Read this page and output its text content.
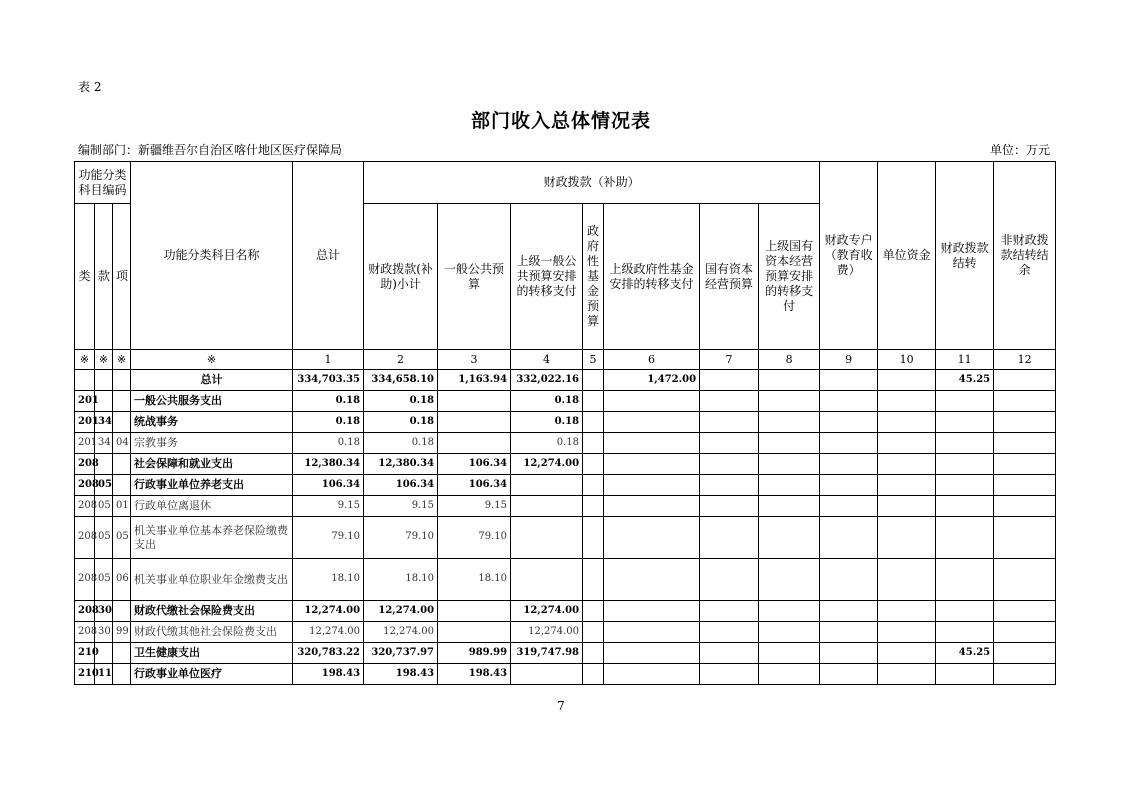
表 2
部门收入总体情况表
编制部门：新疆维吾尔自治区喀什地区医疗保障局	单位：万元
功能分类科目编码			功能分类科目名称	总计	财政拨款（补助）							财政专户（教育收费）	单位资金	财政拨款结转	非财政拨款结转结余
类	款	项			财政拨款(补助)小计	一般公共预算	上级一般公共预算安排的转移支付	政府性基金预算	上级政府性基金安排的转移支付	国有资本经营预算	上级国有资本经营预算安排的转移支付				
※	※	※	※	1	2	3	4	5	6	7	8	9	10	11	12
			总计	334,703.35	334,658.10	1,163.94	332,022.16		1,472.00					45.25	
201			一般公共服务支出	0.18	0.18		0.18								
201	34		统战事务	0.18	0.18		0.18								
201	34	04	宗教事务	0.18	0.18		0.18								
208			社会保障和就业支出	12,380.34	12,380.34	106.34	12,274.00								
208	05		行政事业单位养老支出	106.34	106.34	106.34									
208	05	01	行政单位离退休	9.15	9.15	9.15									
208	05	05	机关事业单位基本养老保险缴费支出	79.10	79.10	79.10									
208	05	06	机关事业单位职业年金缴费支出	18.10	18.10	18.10									
208	30		财政代缴社会保险费支出	12,274.00	12,274.00		12,274.00								
208	30	99	财政代缴其他社会保险费支出	12,274.00	12,274.00		12,274.00								
210			卫生健康支出	320,783.22	320,737.97	989.99	319,747.98							45.25	
210	11		行政事业单位医疗	198.43	198.43	198.43									
7
